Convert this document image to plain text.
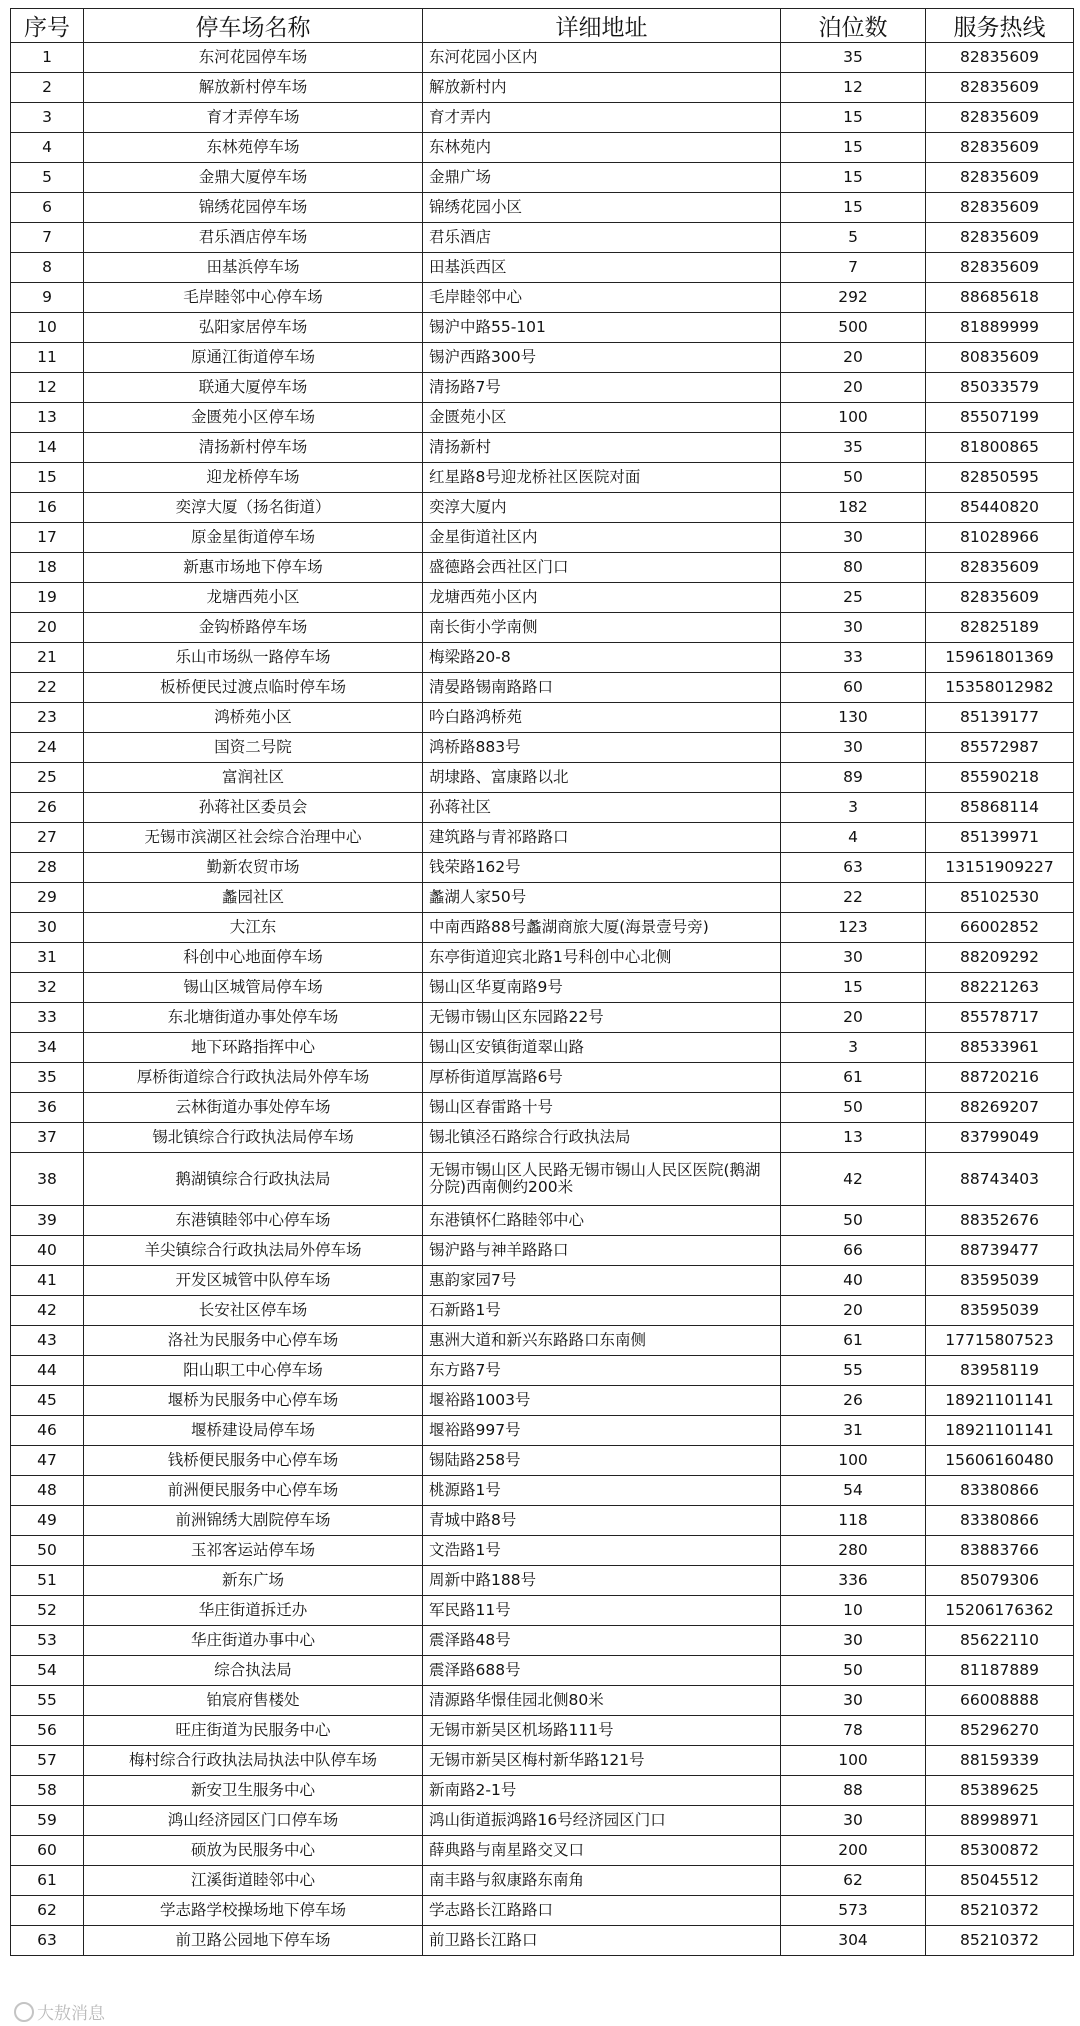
序号	停车场名称	详细地址	泊位数	服务热线
1	东河花园停车场	东河花园小区内	35	82835609
2	解放新村停车场	解放新村内	12	82835609
3	育才弄停车场	育才弄内	15	82835609
4	东林苑停车场	东林苑内	15	82835609
5	金鼎大厦停车场	金鼎广场	15	82835609
6	锦绣花园停车场	锦绣花园小区	15	82835609
7	君乐酒店停车场	君乐酒店	5	82835609
8	田基浜停车场	田基浜西区	7	82835609
9	毛岸睦邻中心停车场	毛岸睦邻中心	292	88685618
10	弘阳家居停车场	锡沪中路55-101	500	81889999
11	原通江街道停车场	锡沪西路300号	20	80835609
12	联通大厦停车场	清扬路7号	20	85033579
13	金匮苑小区停车场	金匮苑小区	100	85507199
14	清扬新村停车场	清扬新村	35	81800865
15	迎龙桥停车场	红星路8号迎龙桥社区医院对面	50	82850595
16	奕淳大厦（扬名街道）	奕淳大厦内	182	85440820
17	原金星街道停车场	金星街道社区内	30	81028966
18	新惠市场地下停车场	盛德路会西社区门口	80	82835609
19	龙塘西苑小区	龙塘西苑小区内	25	82835609
20	金钩桥路停车场	南长街小学南侧	30	82825189
21	乐山市场纵一路停车场	梅梁路20-8	33	15961801369
22	板桥便民过渡点临时停车场	清晏路锡南路路口	60	15358012982
23	鸿桥苑小区	吟白路鸿桥苑	130	85139177
24	国资二号院	鸿桥路883号	30	85572987
25	富润社区	胡埭路、富康路以北	89	85590218
26	孙蒋社区委员会	孙蒋社区	3	85868114
27	无锡市滨湖区社会综合治理中心	建筑路与青祁路路口	4	85139971
28	勤新农贸市场	钱荣路162号	63	13151909227
29	蠡园社区	蠡湖人家50号	22	85102530
30	大江东	中南西路88号蠡湖商旅大厦(海景壹号旁)	123	66002852
31	科创中心地面停车场	东亭街道迎宾北路1号科创中心北侧	30	88209292
32	锡山区城管局停车场	锡山区华夏南路9号	15	88221263
33	东北塘街道办事处停车场	无锡市锡山区东园路22号	20	85578717
34	地下环路指挥中心	锡山区安镇街道翠山路	3	88533961
35	厚桥街道综合行政执法局外停车场	厚桥街道厚嵩路6号	61	88720216
36	云林街道办事处停车场	锡山区春雷路十号	50	88269207
37	锡北镇综合行政执法局停车场	锡北镇泾石路综合行政执法局	13	83799049
38	鹅湖镇综合行政执法局	无锡市锡山区人民路无锡市锡山人民区医院(鹅湖分院)西南侧约200米	42	88743403
39	东港镇睦邻中心停车场	东港镇怀仁路睦邻中心	50	88352676
40	羊尖镇综合行政执法局外停车场	锡沪路与神羊路路口	66	88739477
41	开发区城管中队停车场	惠韵家园7号	40	83595039
42	长安社区停车场	石新路1号	20	83595039
43	洛社为民服务中心停车场	惠洲大道和新兴东路路口东南侧	61	17715807523
44	阳山职工中心停车场	东方路7号	55	83958119
45	堰桥为民服务中心停车场	堰裕路1003号	26	18921101141
46	堰桥建设局停车场	堰裕路997号	31	18921101141
47	钱桥便民服务中心停车场	锡陆路258号	100	15606160480
48	前洲便民服务中心停车场	桃源路1号	54	83380866
49	前洲锦绣大剧院停车场	青城中路8号	118	83380866
50	玉祁客运站停车场	文浩路1号	280	83883766
51	新东广场	周新中路188号	336	85079306
52	华庄街道拆迁办	军民路11号	10	15206176362
53	华庄街道办事中心	震泽路48号	30	85622110
54	综合执法局	震泽路688号	50	81187889
55	铂宸府售楼处	清源路华憬佳园北侧80米	30	66008888
56	旺庄街道为民服务中心	无锡市新吴区机场路111号	78	85296270
57	梅村综合行政执法局执法中队停车场	无锡市新吴区梅村新华路121号	100	88159339
58	新安卫生服务中心	新南路2-1号	88	85389625
59	鸿山经济园区门口停车场	鸿山街道振鸿路16号经济园区门口	30	88998971
60	硕放为民服务中心	薛典路与南星路交叉口	200	85300872
61	江溪街道睦邻中心	南丰路与叙康路东南角	62	85045512
62	学志路学校操场地下停车场	学志路长江路路口	573	85210372
63	前卫路公园地下停车场	前卫路长江路口	304	85210372
大敖消息
